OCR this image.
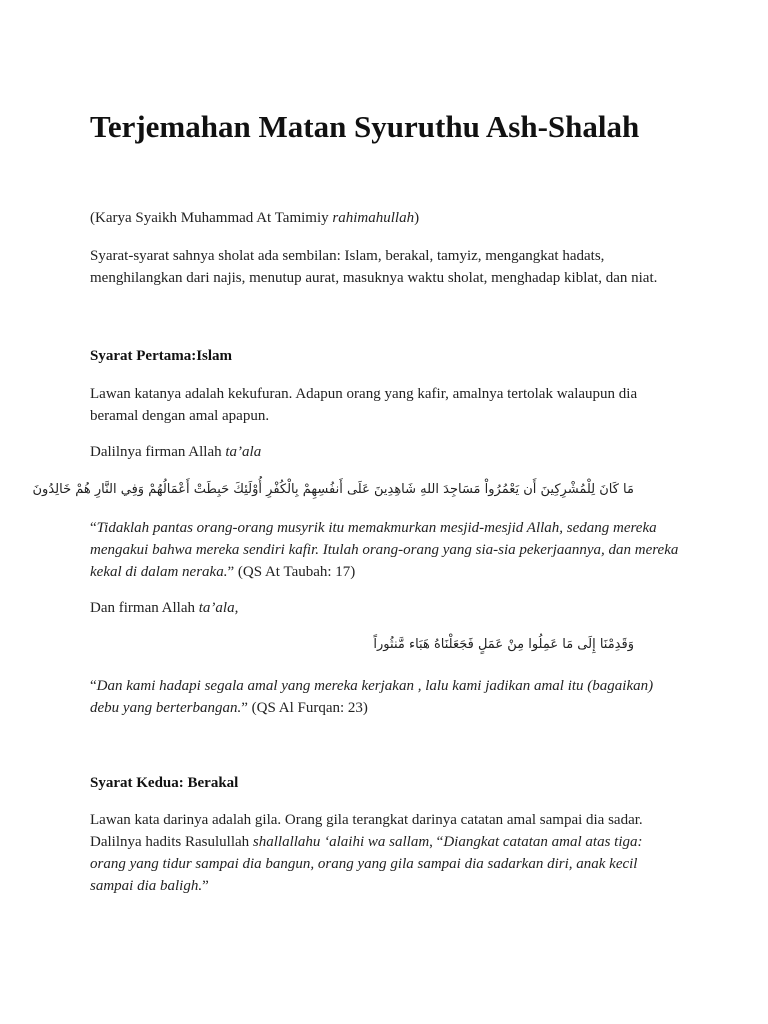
Terjemahan Matan Syuruthu Ash-Shalah

(Karya Syaikh Muhammad At Tamimiy rahimahullah)

Syarat-syarat sahnya sholat ada sembilan: Islam, berakal, tamyiz, mengangkat hadats, menghilangkan dari najis, menutup aurat, masuknya waktu sholat, menghadap kiblat, dan niat.

Syarat Pertama:Islam

Lawan katanya adalah kekufuran. Adapun orang yang kafir, amalnya tertolak walaupun dia beramal dengan amal apapun.

Dalilnya firman Allah ta’ala

مَا كَانَ لِلْمُشْرِكِينَ أَن يَعْمُرُواْ مَسَاجِدَ اللهِ شَاهِدِينَ عَلَى أَنفُسِهِمْ بِالْكُفْرِ أُوْلَئِكَ حَبِطَتْ أَعْمَالُهُمْ وَفِي النَّارِ هُمْ خَالِدُونَ

“Tidaklah pantas orang-orang musyrik itu memakmurkan mesjid-mesjid Allah, sedang mereka mengakui bahwa mereka sendiri kafir. Itulah orang-orang yang sia-sia pekerjaannya, dan mereka kekal di dalam neraka.” (QS At Taubah: 17)

Dan firman Allah ta’ala,

وَقَدِمْنَا إِلَى مَا عَمِلُوا مِنْ عَمَلٍ فَجَعَلْنَاهُ هَبَاء مَّنثُوراً

“Dan kami hadapi segala amal yang mereka kerjakan , lalu kami jadikan amal itu (bagaikan) debu yang berterbangan.” (QS Al Furqan: 23)

Syarat Kedua: Berakal

Lawan kata darinya adalah gila. Orang gila terangkat darinya catatan amal sampai dia sadar. Dalilnya hadits Rasulullah shallallahu ‘alaihi wa sallam, “Diangkat catatan amal atas tiga: orang yang tidur sampai dia bangun, orang yang gila sampai dia sadarkan diri, anak kecil sampai dia baligh.”
